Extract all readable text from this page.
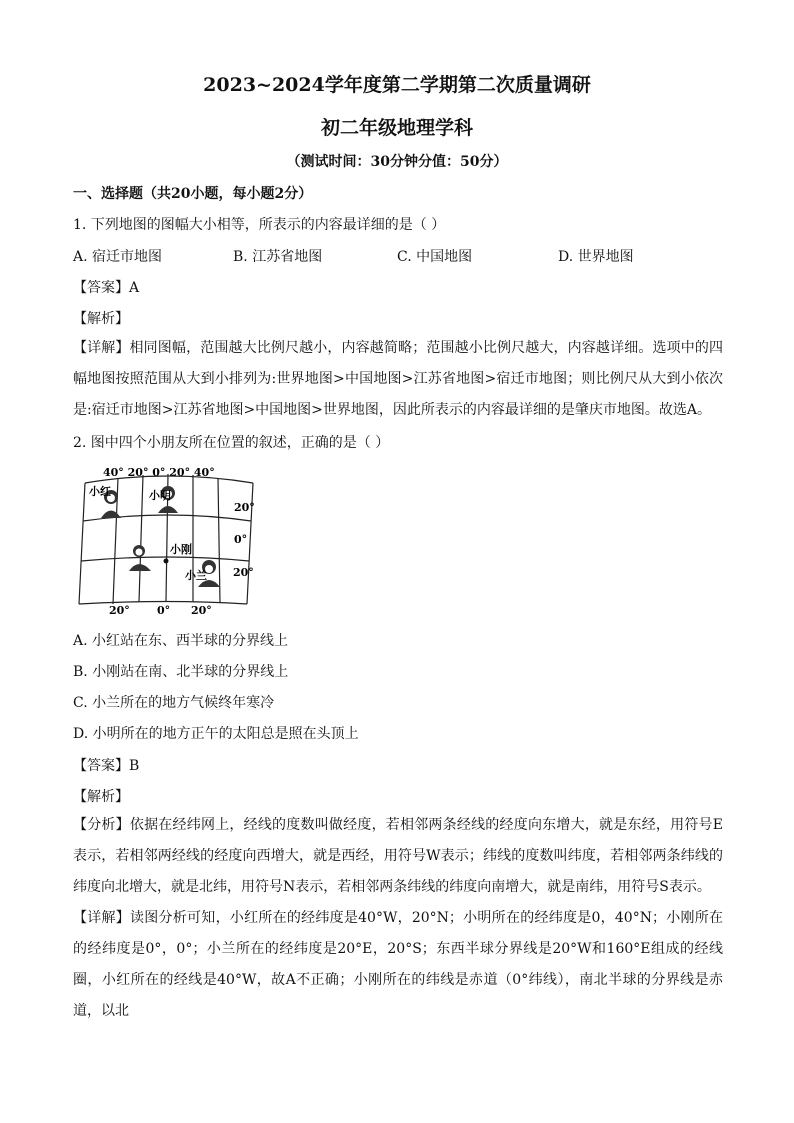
2023~2024学年度第二学期第二次质量调研
初二年级地理学科
（测试时间：30分钟分值：50分）
一、选择题（共20小题，每小题2分）
1. 下列地图的图幅大小相等，所表示的内容最详细的是（ ）
A. 宿迁市地图	B. 江苏省地图	C. 中国地图	D. 世界地图
【答案】A
【解析】
【详解】相同图幅，范围越大比例尺越小，内容越简略；范围越小比例尺越大，内容越详细。选项中的四幅地图按照范围从大到小排列为:世界地图>中国地图>江苏省地图>宿迁市地图；则比例尺从大到小依次是:宿迁市地图>江苏省地图>中国地图>世界地图，因此所表示的内容最详细的是肇庆市地图。故选A。
2. 图中四个小朋友所在位置的叙述，正确的是（ ）
40° 20° 0° 20° 40°
小红	小明
小刚
小兰
20°
0°
20°
20° 0° 20°
A. 小红站在东、西半球的分界线上
B. 小刚站在南、北半球的分界线上
C. 小兰所在的地方气候终年寒冷
D. 小明所在的地方正午的太阳总是照在头顶上
【答案】B
【解析】
【分析】依据在经纬网上，经线的度数叫做经度，若相邻两条经线的经度向东增大，就是东经，用符号E表示，若相邻两经线的经度向西增大，就是西经，用符号W表示；纬线的度数叫纬度，若相邻两条纬线的纬度向北增大，就是北纬，用符号N表示，若相邻两条纬线的纬度向南增大，就是南纬，用符号S表示。
【详解】读图分析可知，小红所在的经纬度是40°W，20°N；小明所在的经纬度是0，40°N；小刚所在的经纬度是0°，0°；小兰所在的经纬度是20°E，20°S；东西半球分界线是20°W和160°E组成的经线圈，小红所在的经线是40°W，故A不正确；小刚所在的纬线是赤道（0°纬线），南北半球的分界线是赤道，以北
